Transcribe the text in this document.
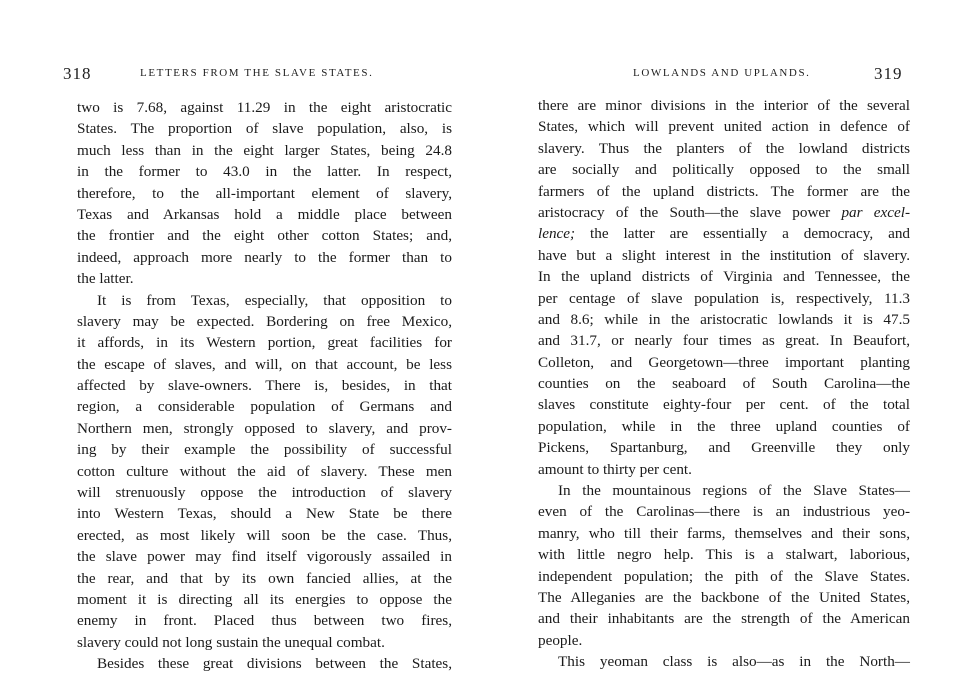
318	LETTERS FROM THE SLAVE STATES.
two is 7.68, against 11.29 in the eight aristocratic
States. The proportion of slave population, also, is
much less than in the eight larger States, being 24.8
in the former to 43.0 in the latter. In respect,
therefore, to the all-important element of slavery,
Texas and Arkansas hold a middle place between
the frontier and the eight other cotton States; and,
indeed, approach more nearly to the former than to
the latter.
It is from Texas, especially, that opposition to
slavery may be expected. Bordering on free Mexico,
it affords, in its Western portion, great facilities for
the escape of slaves, and will, on that account, be less
affected by slave-owners. There is, besides, in that
region, a considerable population of Germans and
Northern men, strongly opposed to slavery, and prov-
ing by their example the possibility of successful
cotton culture without the aid of slavery. These men
will strenuously oppose the introduction of slavery
into Western Texas, should a New State be there
erected, as most likely will soon be the case. Thus,
the slave power may find itself vigorously assailed in
the rear, and that by its own fancied allies, at the
moment it is directing all its energies to oppose the
enemy in front. Placed thus between two fires,
slavery could not long sustain the unequal combat.
Besides these great divisions between the States,
LOWLANDS AND UPLANDS.	319
there are minor divisions in the interior of the several
States, which will prevent united action in defence of
slavery. Thus the planters of the lowland districts
are socially and politically opposed to the small
farmers of the upland districts. The former are the
aristocracy of the South—the slave power par excel-
lence; the latter are essentially a democracy, and
have but a slight interest in the institution of slavery.
In the upland districts of Virginia and Tennessee, the
per centage of slave population is, respectively, 11.3
and 8.6; while in the aristocratic lowlands it is 47.5
and 31.7, or nearly four times as great. In Beaufort,
Colleton, and Georgetown—three important planting
counties on the seaboard of South Carolina—the
slaves constitute eighty-four per cent. of the total
population, while in the three upland counties of
Pickens, Spartanburg, and Greenville they only
amount to thirty per cent.
In the mountainous regions of the Slave States—
even of the Carolinas—there is an industrious yeo-
manry, who till their farms, themselves and their sons,
with little negro help. This is a stalwart, laborious,
independent population; the pith of the Slave States.
The Alleganies are the backbone of the United States,
and their inhabitants are the strength of the American
people.
This yeoman class is also—as in the North—
